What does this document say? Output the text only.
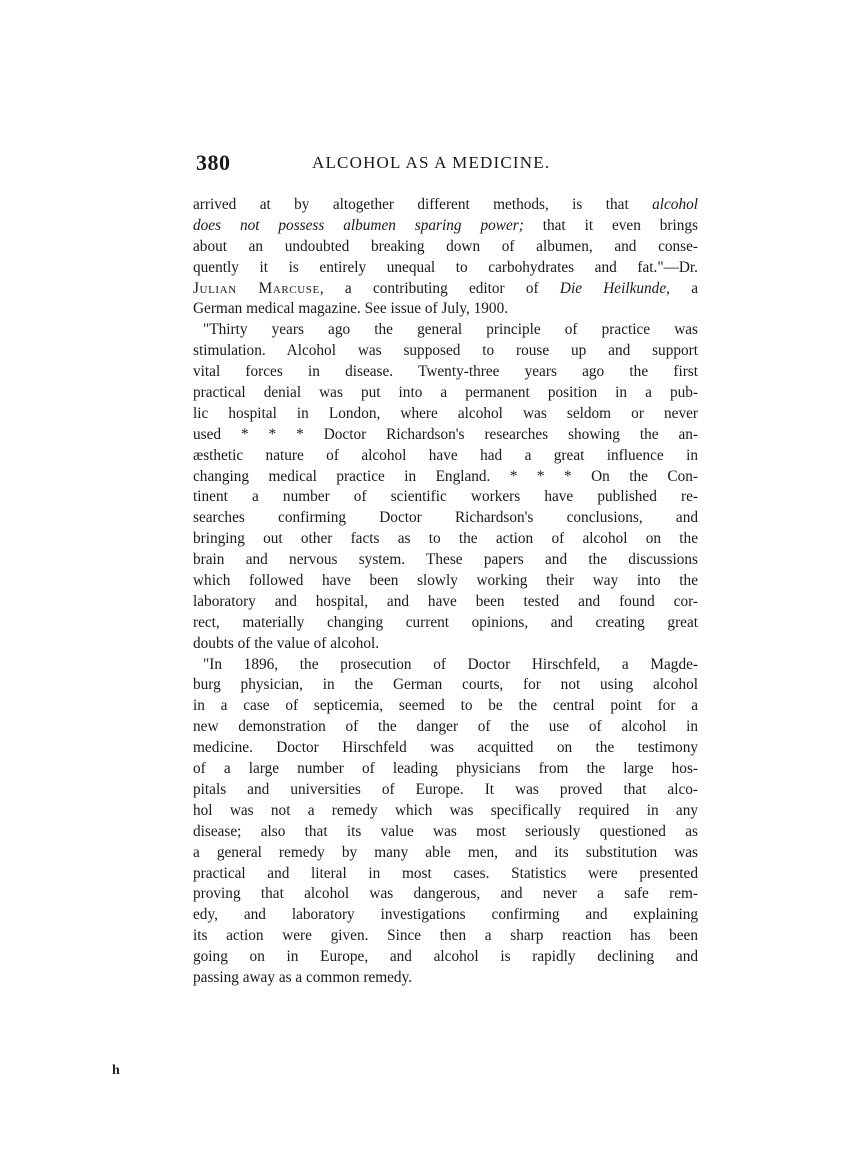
380	ALCOHOL AS A MEDICINE.
arrived at by altogether different methods, is that alcohol
does not possess albumen sparing power; that it even brings
about an undoubted breaking down of albumen, and conse-
quently it is entirely unequal to carbohydrates and fat."—Dr.
Julian Marcuse, a contributing editor of Die Heilkunde, a
German medical magazine. See issue of July, 1900.
"Thirty years ago the general principle of practice was
stimulation. Alcohol was supposed to rouse up and support
vital forces in disease. Twenty-three years ago the first
practical denial was put into a permanent position in a pub-
lic hospital in London, where alcohol was seldom or never
used * * * Doctor Richardson's researches showing the an-
æsthetic nature of alcohol have had a great influence in
changing medical practice in England. * * * On the Con-
tinent a number of scientific workers have published re-
searches confirming Doctor Richardson's conclusions, and
bringing out other facts as to the action of alcohol on the
brain and nervous system. These papers and the discussions
which followed have been slowly working their way into the
laboratory and hospital, and have been tested and found cor-
rect, materially changing current opinions, and creating great
doubts of the value of alcohol.
"In 1896, the prosecution of Doctor Hirschfeld, a Magde-
burg physician, in the German courts, for not using alcohol
in a case of septicemia, seemed to be the central point for a
new demonstration of the danger of the use of alcohol in
medicine. Doctor Hirschfeld was acquitted on the testimony
of a large number of leading physicians from the large hos-
pitals and universities of Europe. It was proved that alco-
hol was not a remedy which was specifically required in any
disease; also that its value was most seriously questioned as
a general remedy by many able men, and its substitution was
practical and literal in most cases. Statistics were presented
proving that alcohol was dangerous, and never a safe rem-
edy, and laboratory investigations confirming and explaining
its action were given. Since then a sharp reaction has been
going on in Europe, and alcohol is rapidly declining and
passing away as a common remedy.
h
